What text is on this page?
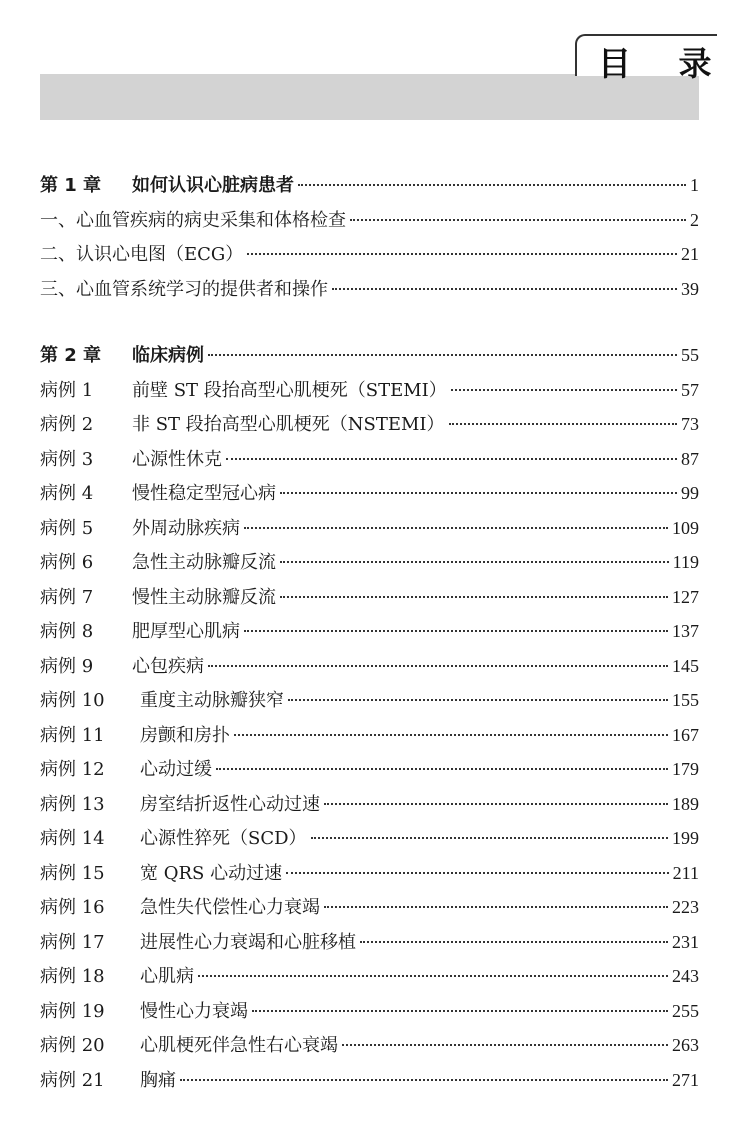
目 录
第 1 章	如何认识心脏病患者	1
一、心血管疾病的病史采集和体格检查	2
二、认识心电图（ECG）	21
三、心血管系统学习的提供者和操作	39
第 2 章	临床病例	55
病例 1	前壁 ST 段抬高型心肌梗死（STEMI）	57
病例 2	非 ST 段抬高型心肌梗死（NSTEMI）	73
病例 3	心源性休克	87
病例 4	慢性稳定型冠心病	99
病例 5	外周动脉疾病	109
病例 6	急性主动脉瓣反流	119
病例 7	慢性主动脉瓣反流	127
病例 8	肥厚型心肌病	137
病例 9	心包疾病	145
病例 10	重度主动脉瓣狭窄	155
病例 11	房颤和房扑	167
病例 12	心动过缓	179
病例 13	房室结折返性心动过速	189
病例 14	心源性猝死（SCD）	199
病例 15	宽 QRS 心动过速	211
病例 16	急性失代偿性心力衰竭	223
病例 17	进展性心力衰竭和心脏移植	231
病例 18	心肌病	243
病例 19	慢性心力衰竭	255
病例 20	心肌梗死伴急性右心衰竭	263
病例 21	胸痛	271
